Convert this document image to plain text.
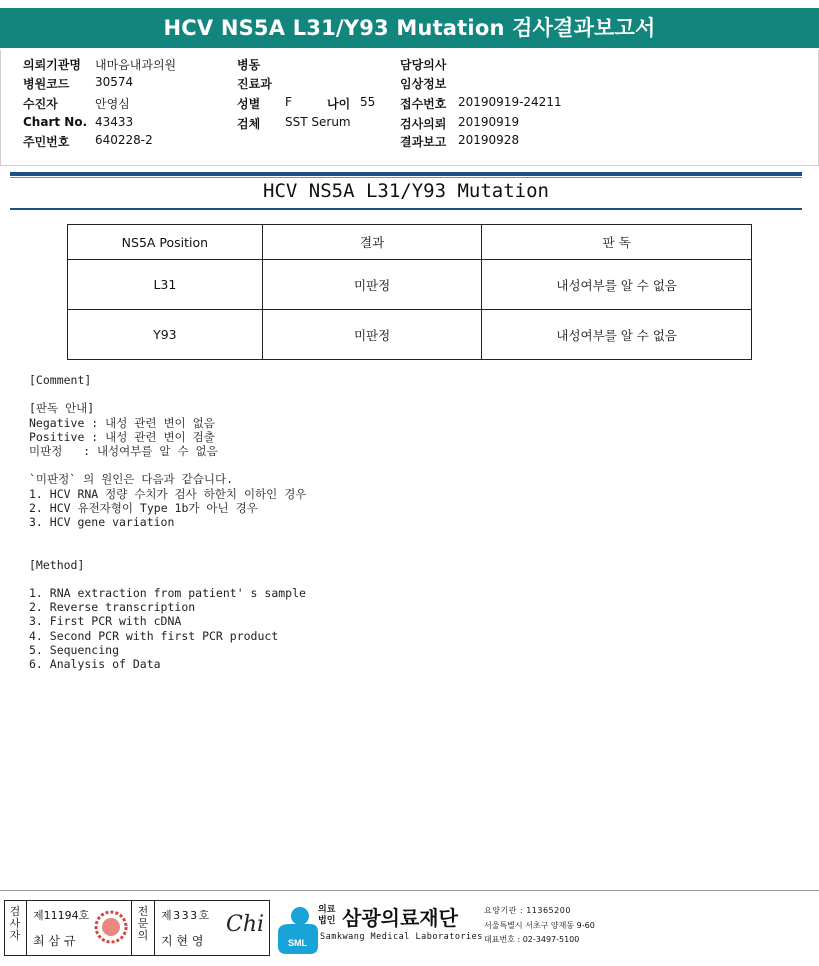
HCV NS5A L31/Y93 Mutation 검사결과보고서
의뢰기관명 내마음내과의원
병원코드 30574
수진자	안영심
Chart No. 43433
주민번호 640228-2
병동
진료과
성별 F	나이 55
검체 SST Serum
담당의사
임상정보
접수번호 20190919-24211
검사의뢰 20190919
결과보고 20190928
HCV NS5A L31/Y93 Mutation
NS5A Position	결과	판 독
L31	미판정	내성여부를 알 수 없음
Y93	미판정	내성여부를 알 수 없음
[Comment]

[판독 안내]
Negative : 내성 관련 변이 없음
Positive : 내성 관련 변이 검출
미판정   : 내성여부를 알 수 없음

`미판정` 의 원인은 다음과 같습니다.
1. HCV RNA 정량 수치가 검사 하한치 이하인 경우
2. HCV 유전자형이 Type 1b가 아닌 경우
3. HCV gene variation

[Method]

1. RNA extraction from patient' s sample
2. Reverse transcription
3. First PCR with cDNA
4. Second PCR with first PCR product
5. Sequencing
6. Analysis of Data
검사자
제11194호
최 삼 규
전문의
제333호
지 현 영
Chi
SML
의료법인 삼광의료재단
Samkwang Medical Laboratories
요양기관 : 11365200
서울특별시 서초구 양재동 9-60
대표번호 : 02-3497-5100
